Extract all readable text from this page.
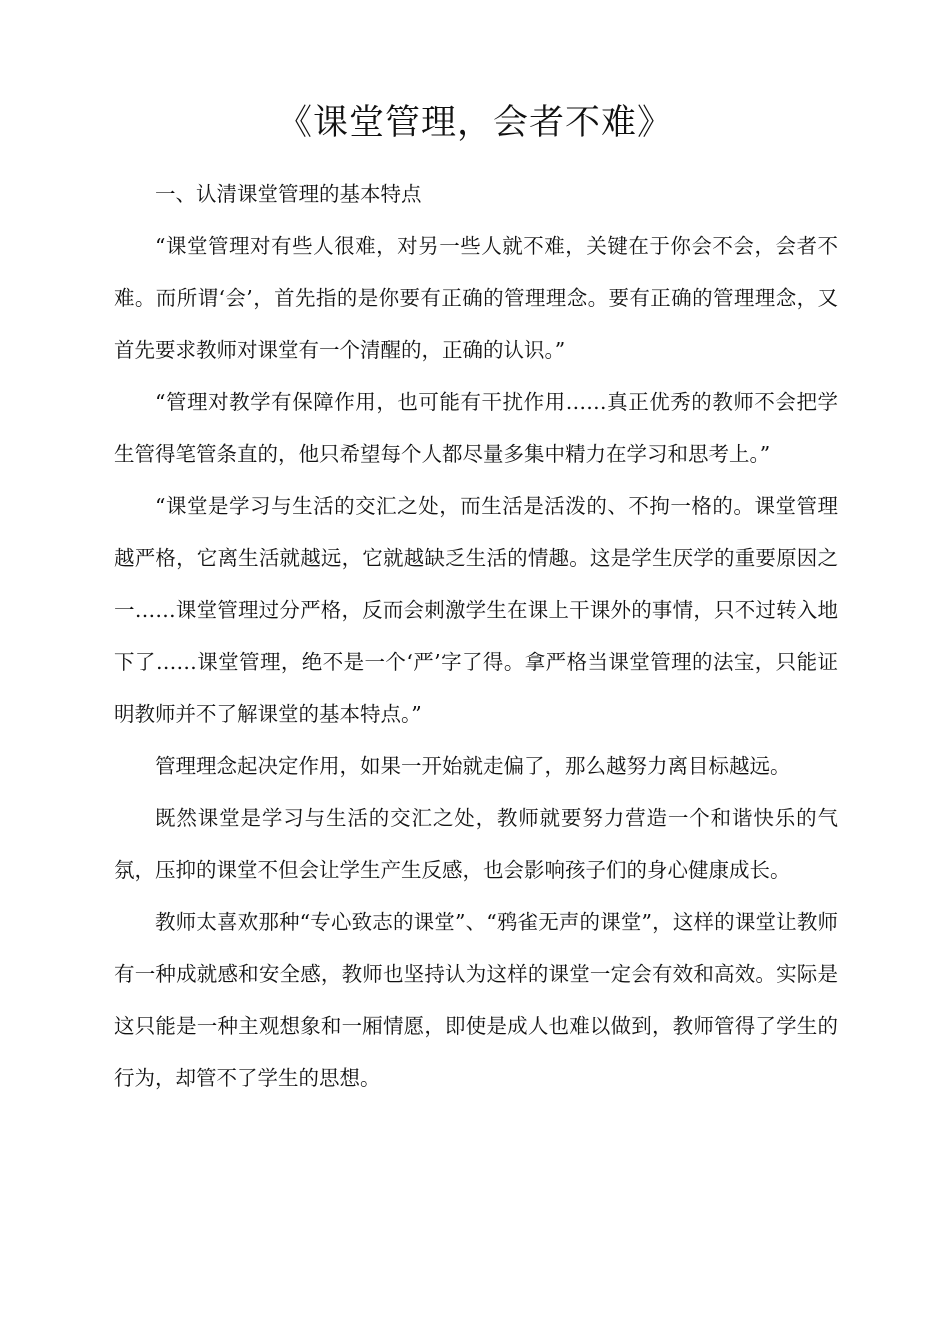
《课堂管理，会者不难》

一、认清课堂管理的基本特点

“课堂管理对有些人很难，对另一些人就不难，关键在于你会不会，会者不难。而所谓‘会’，首先指的是你要有正确的管理理念。要有正确的管理理念，又首先要求教师对课堂有一个清醒的，正确的认识。”

“管理对教学有保障作用，也可能有干扰作用……真正优秀的教师不会把学生管得笔管条直的，他只希望每个人都尽量多集中精力在学习和思考上。”

“课堂是学习与生活的交汇之处，而生活是活泼的、不拘一格的。课堂管理越严格，它离生活就越远，它就越缺乏生活的情趣。这是学生厌学的重要原因之一……课堂管理过分严格，反而会刺激学生在课上干课外的事情，只不过转入地下了……课堂管理，绝不是一个‘严’字了得。拿严格当课堂管理的法宝，只能证明教师并不了解课堂的基本特点。”

管理理念起决定作用，如果一开始就走偏了，那么越努力离目标越远。

既然课堂是学习与生活的交汇之处，教师就要努力营造一个和谐快乐的气氛，压抑的课堂不但会让学生产生反感，也会影响孩子们的身心健康成长。

教师太喜欢那种“专心致志的课堂”、“鸦雀无声的课堂”，这样的课堂让教师有一种成就感和安全感，教师也坚持认为这样的课堂一定会有效和高效。实际是这只能是一种主观想象和一厢情愿，即使是成人也难以做到，教师管得了学生的行为，却管不了学生的思想。
